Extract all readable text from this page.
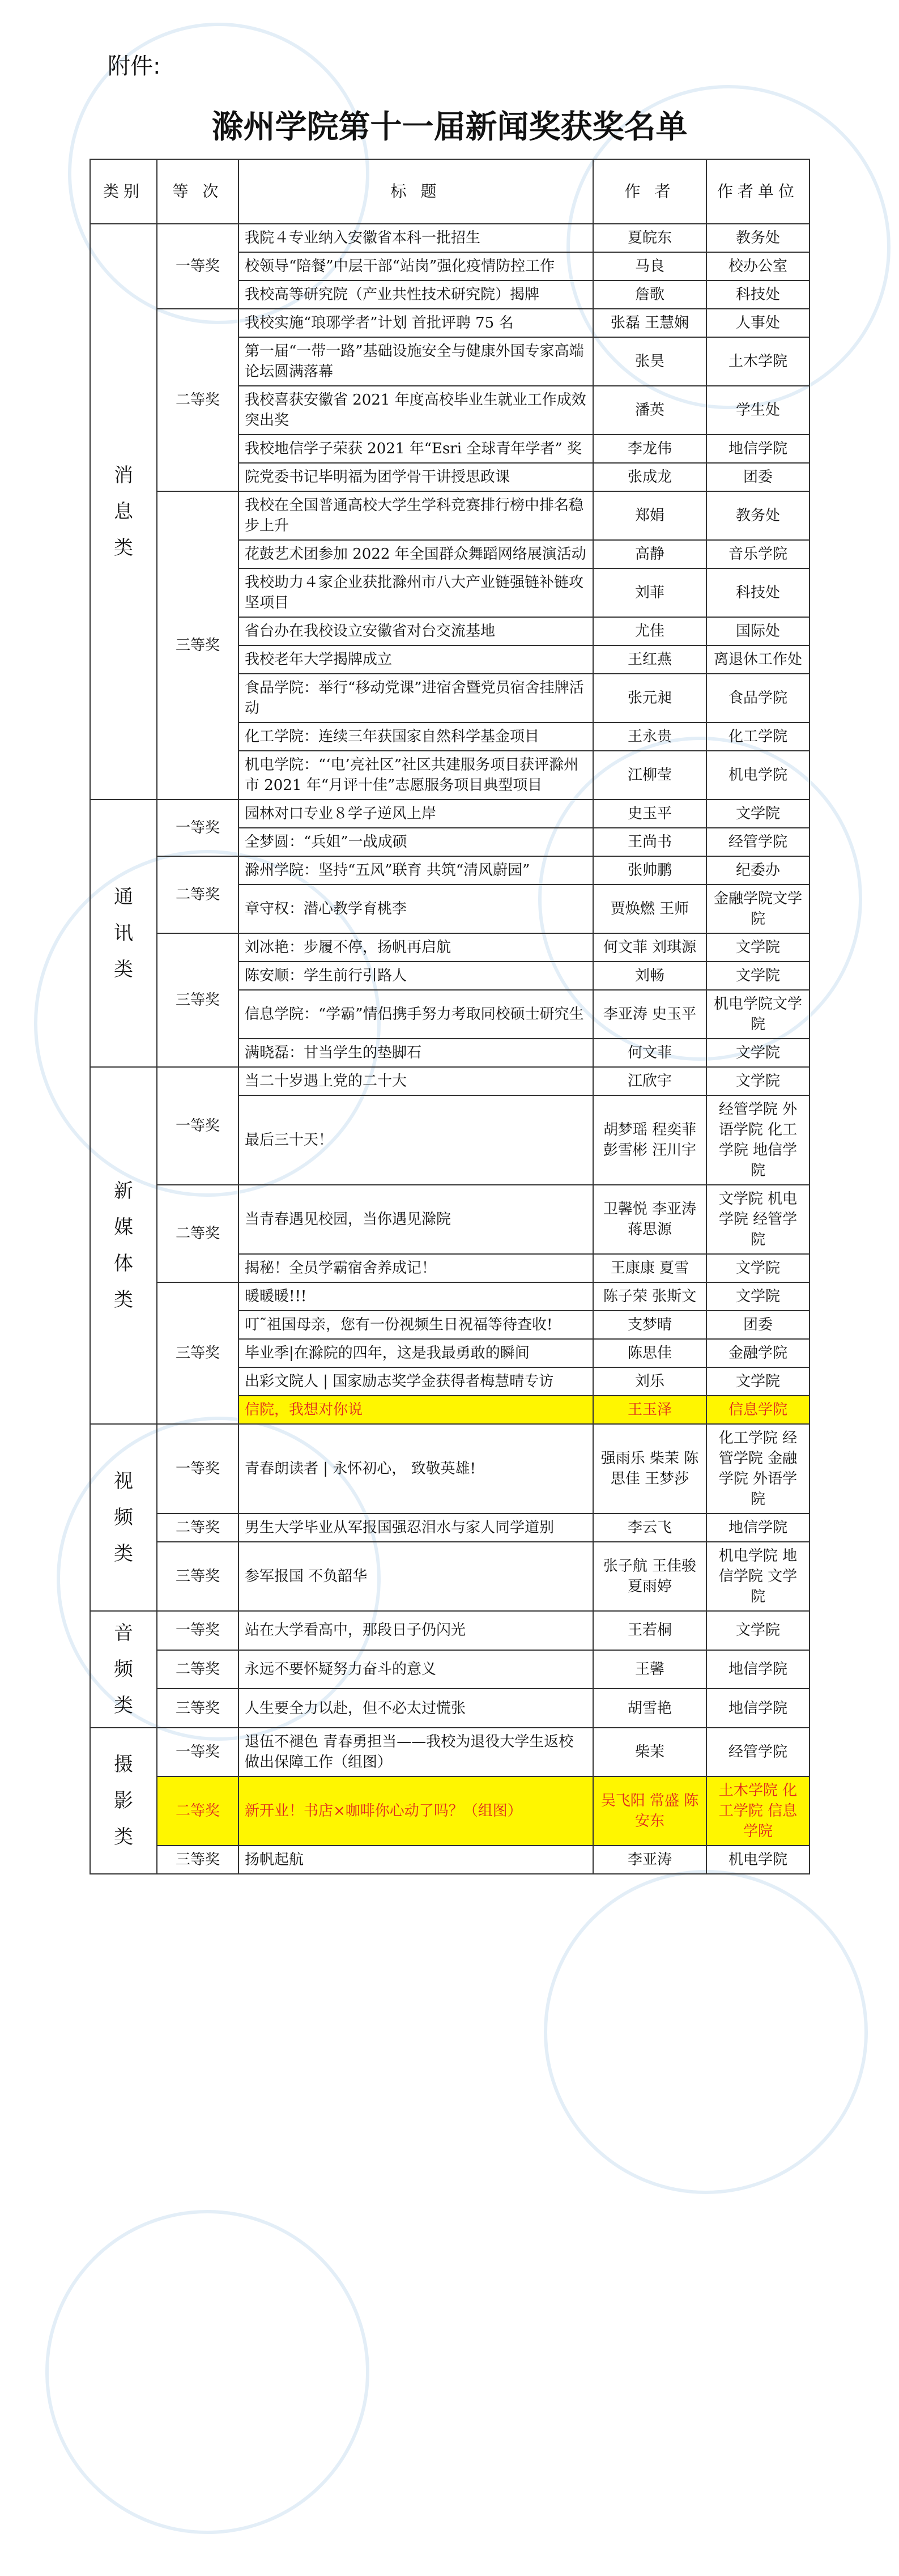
附件:
滁州学院第十一届新闻奖获奖名单
类别	等 次	标 题	作 者	作者单位

消息类	一等奖	我院４专业纳入安徽省本科一批招生	夏皖东	教务处
		校领导“陪餐”中层干部“站岗”强化疫情防控工作	马良	校办公室
		我校高等研究院（产业共性技术研究院）揭牌	詹歌	科技处
	二等奖	我校实施“琅琊学者”计划 首批评聘 75 名	张磊 王慧娴	人事处
		第一届“一带一路”基础设施安全与健康外国专家高端论坛圆满落幕	张昊	土木学院
		我校喜获安徽省 2021 年度高校毕业生就业工作成效突出奖	潘英	学生处
		我校地信学子荣获 2021 年“Esri 全球青年学者” 奖	李龙伟	地信学院
		院党委书记毕明福为团学骨干讲授思政课	张成龙	团委
	三等奖	我校在全国普通高校大学生学科竞赛排行榜中排名稳步上升	郑娟	教务处
		花鼓艺术团参加 2022 年全国群众舞蹈网络展演活动	高静	音乐学院
		我校助力４家企业获批滁州市八大产业链强链补链攻坚项目	刘菲	科技处
		省台办在我校设立安徽省对台交流基地	尤佳	国际处
		我校老年大学揭牌成立	王红燕	离退休工作处
		食品学院：举行“移动党课”进宿舍暨党员宿舍挂牌活动	张元昶	食品学院
		化工学院：连续三年获国家自然科学基金项目	王永贵	化工学院
		机电学院：“‘电’亮社区”社区共建服务项目获评滁州市 2021 年“月评十佳”志愿服务项目典型项目	江柳莹	机电学院

通讯类	一等奖	园林对口专业８学子逆风上岸	史玉平	文学院
		全梦圆：“兵姐”一战成硕	王尚书	经管学院
	二等奖	滁州学院：坚持“五风”联育 共筑“清风蔚园”	张帅鹏	纪委办
		章守权：潜心教学育桃李	贾焕燃 王师	金融学院文学院
	三等奖	刘冰艳：步履不停，扬帆再启航	何文菲 刘琪源	文学院
		陈安顺：学生前行引路人	刘畅	文学院
		信息学院：“学霸”情侣携手努力考取同校硕士研究生	李亚涛 史玉平	机电学院文学院
		满晓磊：甘当学生的垫脚石	何文菲	文学院

新媒体类	一等奖	当二十岁遇上党的二十大	江欣宇	文学院
		最后三十天！	胡梦瑶 程奕菲 彭雪彬 汪川宇	经管学院 外语学院 化工学院 地信学院
	二等奖	当青春遇见校园，当你遇见滁院	卫馨悦 李亚涛 蒋思源	文学院 机电学院 经管学院
		揭秘！全员学霸宿舍养成记！	王康康 夏雪	文学院
	三等奖	暖暖暖!!!	陈子荣 张斯文	文学院
		叮˜祖国母亲，您有一份视频生日祝福等待查收!	支梦晴	团委
		毕业季|在滁院的四年，这是我最勇敢的瞬间	陈思佳	金融学院
		出彩文院人 | 国家励志奖学金获得者梅慧晴专访	刘乐	文学院
		信院，我想对你说	王玉泽	信息学院

视频类	一等奖	青春朗读者 | 永怀初心， 致敬英雄!	强雨乐 柴茉 陈思佳 王梦莎	化工学院 经管学院 金融学院 外语学院
	二等奖	男生大学毕业从军报国强忍泪水与家人同学道别	李云飞	地信学院
	三等奖	参军报国 不负韶华	张子航 王佳骏 夏雨婷	机电学院 地信学院 文学院

音频类	一等奖	站在大学看高中，那段日子仍闪光	王若桐	文学院
	二等奖	永远不要怀疑努力奋斗的意义	王馨	地信学院
	三等奖	人生要全力以赴，但不必太过慌张	胡雪艳	地信学院

摄影类	一等奖	退伍不褪色 青春勇担当——我校为退役大学生返校做出保障工作（组图）	柴茉	经管学院
	二等奖	新开业！书店×咖啡你心动了吗？（组图）	吴飞阳 常盛 陈安东	土木学院 化工学院 信息学院
	三等奖	扬帆起航	李亚涛	机电学院
